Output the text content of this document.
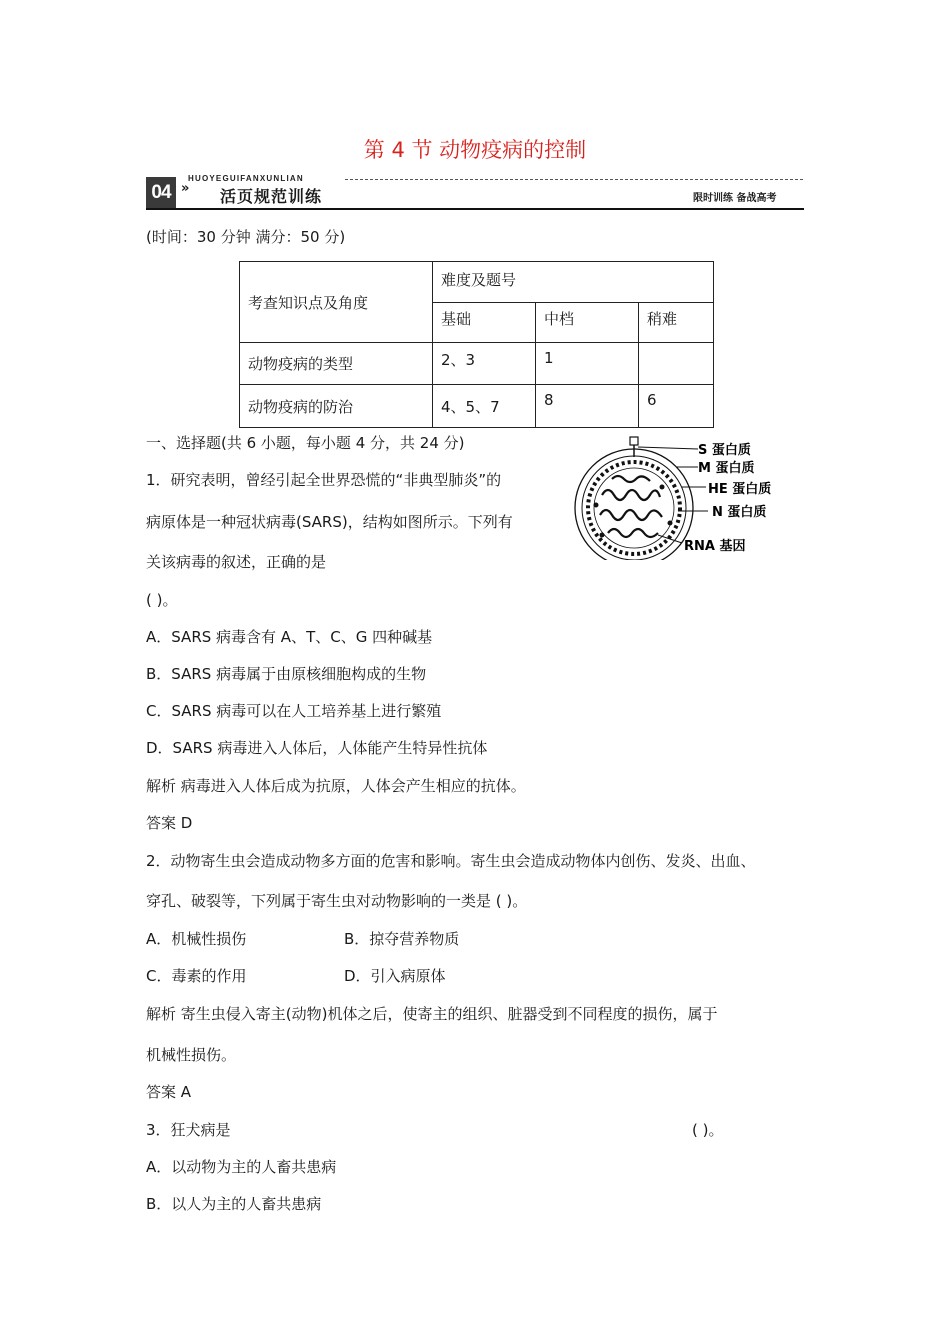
第 4 节 动物疫病的控制
HUOYEGUIFANXUNLIAN
04 » 活页规范训练	限时训练 备战高考
(时间：30 分钟 满分：50 分)
考查知识点及角度	难度及题号		
	基础	中档	稍难
动物疫病的类型	2、3	1	
动物疫病的防治	4、5、7	8	6
一、选择题(共 6 小题，每小题 4 分，共 24 分)	S 蛋白质
M 蛋白质
HE 蛋白质
N 蛋白质
RNA 基因
1．研究表明，曾经引起全世界恐慌的“非典型肺炎”的
病原体是一种冠状病毒(SARS)，结构如图所示。下列有
关该病毒的叙述，正确的是
( )。
A．SARS 病毒含有 A、T、C、G 四种碱基
B．SARS 病毒属于由原核细胞构成的生物
C．SARS 病毒可以在人工培养基上进行繁殖
D．SARS 病毒进入人体后，人体能产生特异性抗体
解析 病毒进入人体后成为抗原，人体会产生相应的抗体。
答案 D
2．动物寄生虫会造成动物多方面的危害和影响。寄生虫会造成动物体内创伤、发炎、出血、
穿孔、破裂等，下列属于寄生虫对动物影响的一类是 ( )。
A．机械性损伤	B．掠夺营养物质
C．毒素的作用	D．引入病原体
解析 寄生虫侵入寄主(动物)机体之后，使寄主的组织、脏器受到不同程度的损伤，属于
机械性损伤。
答案 A
3．狂犬病是	( )。
A．以动物为主的人畜共患病
B．以人为主的人畜共患病
